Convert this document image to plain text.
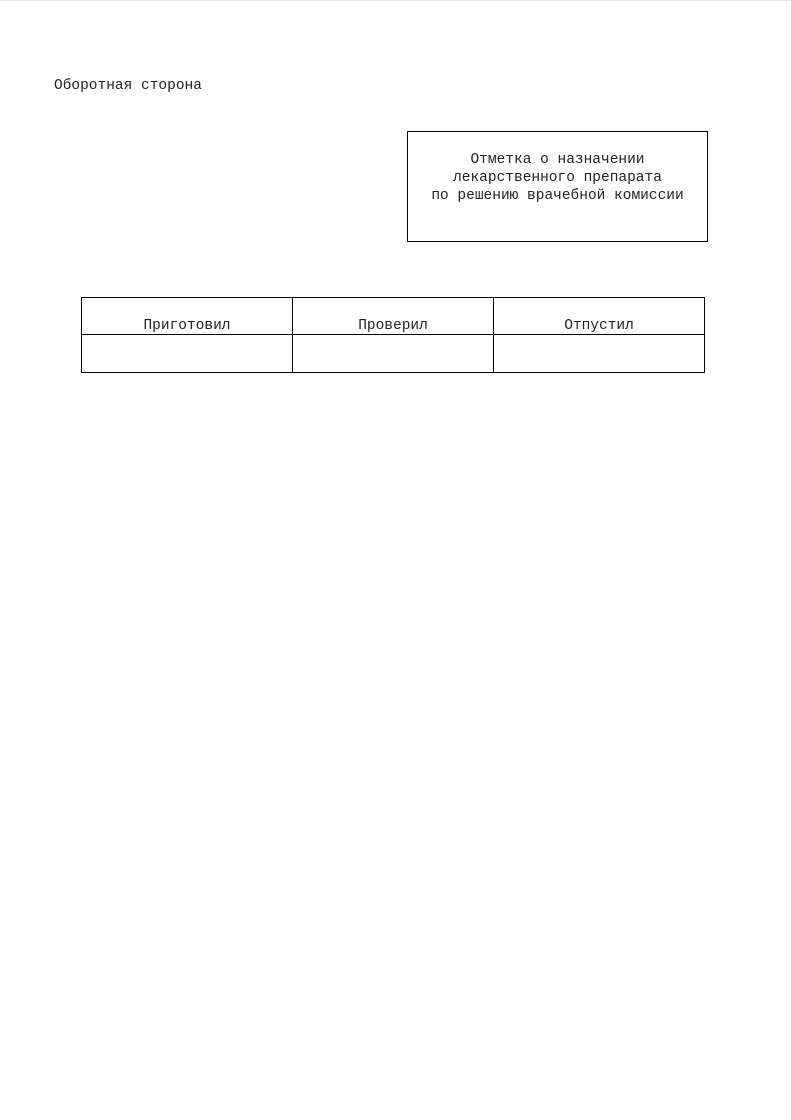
Оборотная сторона
Отметка о назначении
лекарственного препарата
по решению врачебной комиссии
Приготовил	Проверил	Отпустил
